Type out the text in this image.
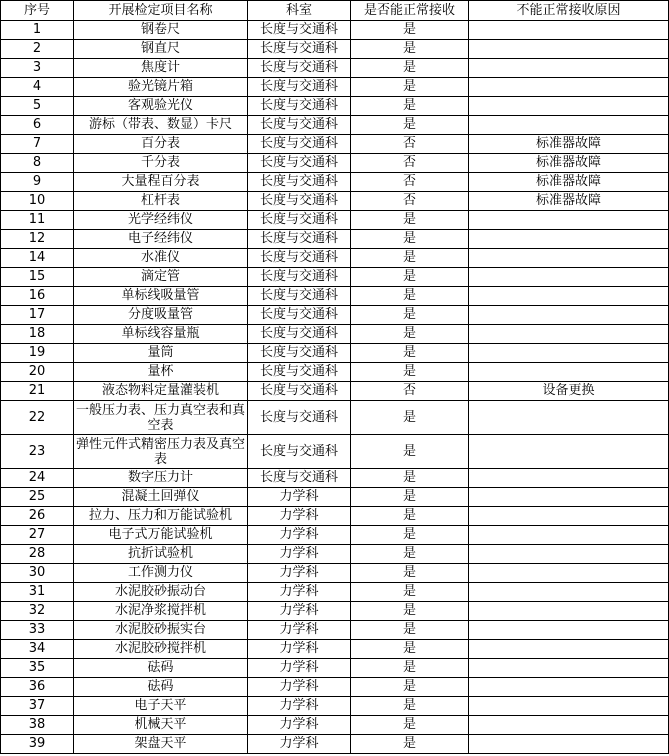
序号	开展检定项目名称	科室	是否能正常接收	不能正常接收原因
1	钢卷尺	长度与交通科	是	
2	钢直尺	长度与交通科	是	
3	焦度计	长度与交通科	是	
4	验光镜片箱	长度与交通科	是	
5	客观验光仪	长度与交通科	是	
6	游标（带表、数显）卡尺	长度与交通科	是	
7	百分表	长度与交通科	否	标准器故障
8	千分表	长度与交通科	否	标准器故障
9	大量程百分表	长度与交通科	否	标准器故障
10	杠杆表	长度与交通科	否	标准器故障
11	光学经纬仪	长度与交通科	是	
12	电子经纬仪	长度与交通科	是	
14	水准仪	长度与交通科	是	
15	滴定管	长度与交通科	是	
16	单标线吸量管	长度与交通科	是	
17	分度吸量管	长度与交通科	是	
18	单标线容量瓶	长度与交通科	是	
19	量筒	长度与交通科	是	
20	量杯	长度与交通科	是	
21	液态物料定量灌装机	长度与交通科	否	设备更换
22	一般压力表、压力真空表和真空表	长度与交通科	是	
23	弹性元件式精密压力表及真空表	长度与交通科	是	
24	数字压力计	长度与交通科	是	
25	混凝土回弹仪	力学科	是	
26	拉力、压力和万能试验机	力学科	是	
27	电子式万能试验机	力学科	是	
28	抗折试验机	力学科	是	
30	工作测力仪	力学科	是	
31	水泥胶砂振动台	力学科	是	
32	水泥净浆搅拌机	力学科	是	
33	水泥胶砂振实台	力学科	是	
34	水泥胶砂搅拌机	力学科	是	
35	砝码	力学科	是	
36	砝码	力学科	是	
37	电子天平	力学科	是	
38	机械天平	力学科	是	
39	架盘天平	力学科	是	
